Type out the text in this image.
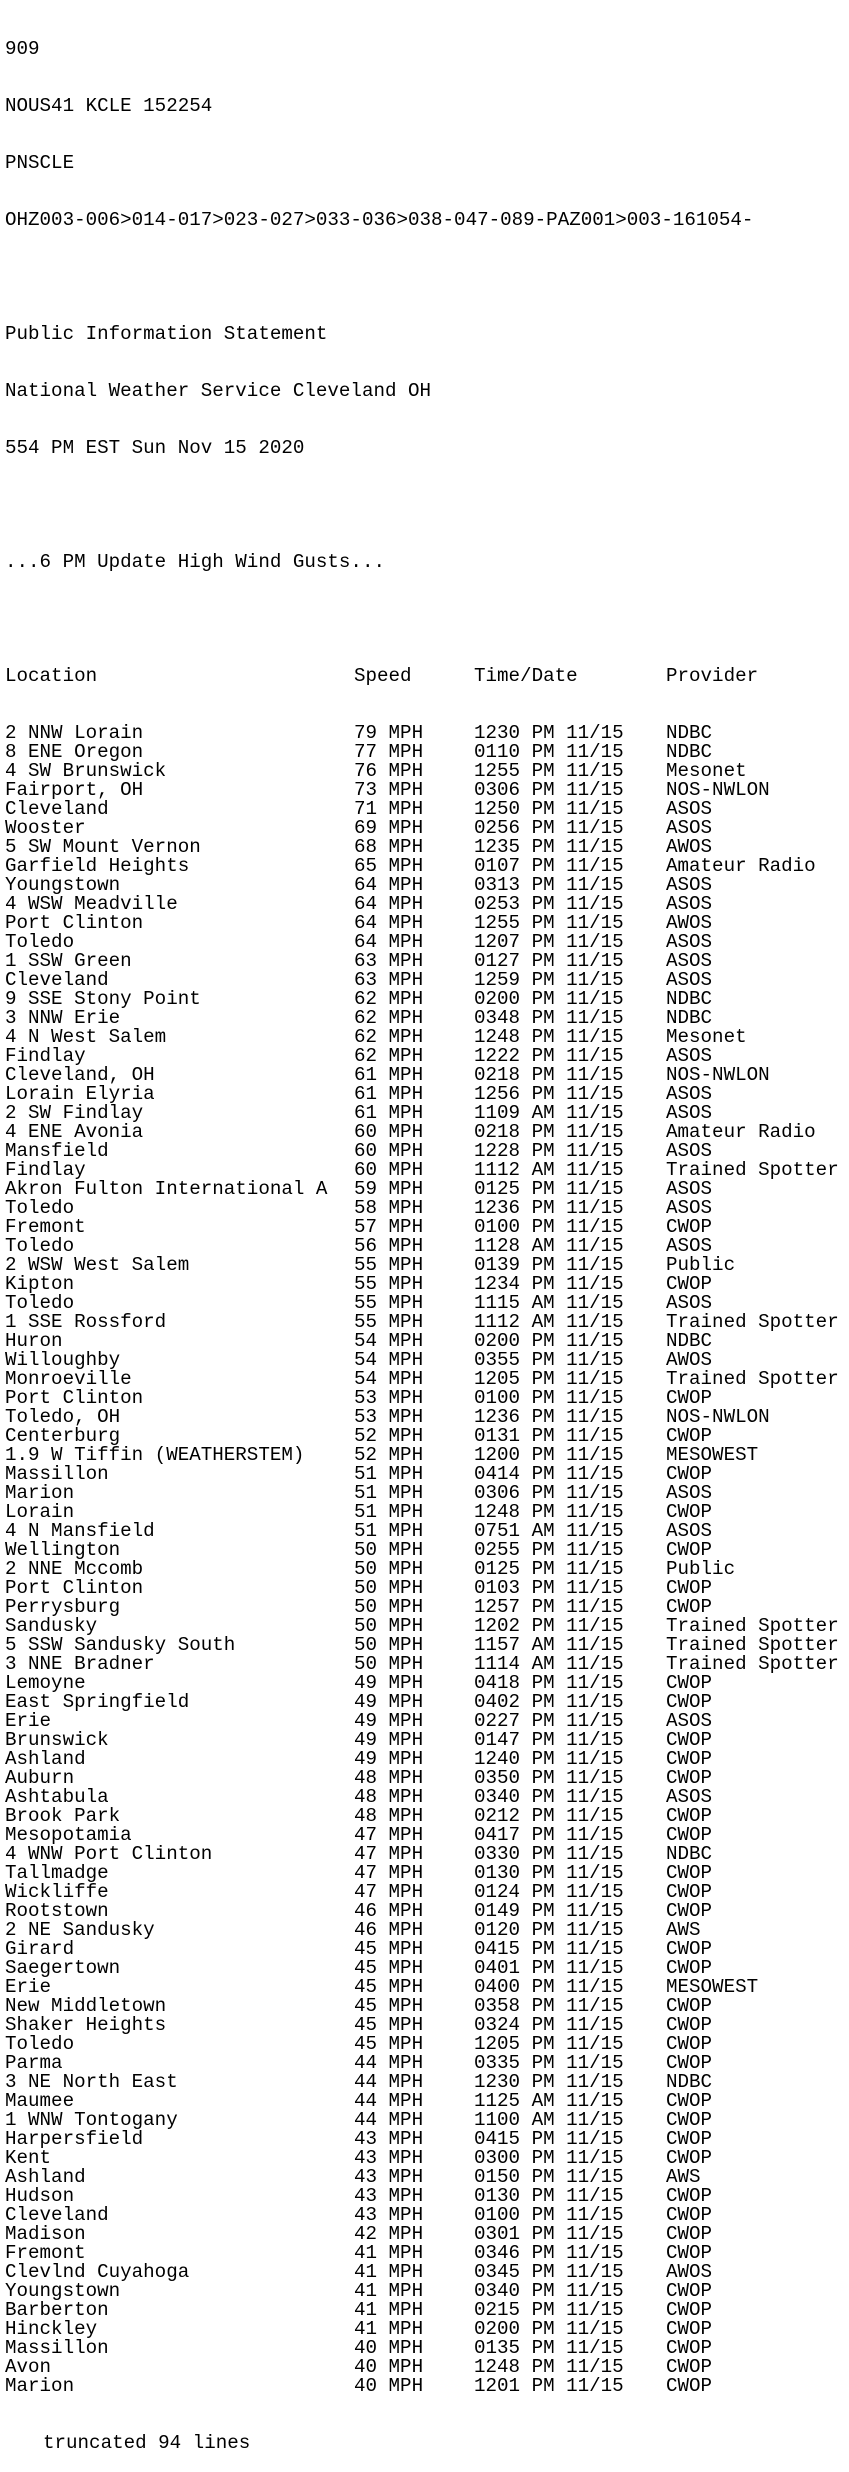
909

NOUS41 KCLE 152254

PNSCLE

OHZ003-006>014-017>023-027>033-036>038-047-089-PAZ001>003-161054-

Public Information Statement

National Weather Service Cleveland OH

554 PM EST Sun Nov 15 2020

...6 PM Update High Wind Gusts...

Location

	Speed

	Time/Date

	Provider

2 NNW Lorain	79 MPH	1230 PM 11/15 NDBC
8 ENE Oregon	77 MPH	0110 PM 11/15 NDBC
4 SW Brunswick	76 MPH	1255 PM 11/15 Mesonet
Fairport, OH	73 MPH	0306 PM 11/15 NOS-NWLON
Cleveland	71 MPH	1250 PM 11/15 ASOS
Wooster	69 MPH	0256 PM 11/15 ASOS
5 SW Mount Vernon	68 MPH	1235 PM 11/15 AWOS
Garfield Heights	65 MPH	0107 PM 11/15 Amateur Radio
Youngstown	64 MPH	0313 PM 11/15 ASOS
4 WSW Meadville	64 MPH	0253 PM 11/15 ASOS
Port Clinton	64 MPH	1255 PM 11/15 AWOS
Toledo	64 MPH	1207 PM 11/15 ASOS
1 SSW Green	63 MPH	0127 PM 11/15 ASOS
Cleveland	63 MPH	1259 PM 11/15 ASOS
9 SSE Stony Point	62 MPH	0200 PM 11/15 NDBC
3 NNW Erie	62 MPH	0348 PM 11/15 NDBC
4 N West Salem	62 MPH	1248 PM 11/15 Mesonet
Findlay	62 MPH	1222 PM 11/15 ASOS
Cleveland, OH	61 MPH	0218 PM 11/15 NOS-NWLON
Lorain Elyria	61 MPH	1256 PM 11/15 ASOS
2 SW Findlay	61 MPH	1109 AM 11/15 ASOS
4 ENE Avonia	60 MPH	0218 PM 11/15 Amateur Radio
Mansfield	60 MPH	1228 PM 11/15 ASOS
Findlay	60 MPH	1112 AM 11/15 Trained Spotter
Akron Fulton International A 59 MPH	0125 PM 11/15 ASOS
Toledo	58 MPH	1236 PM 11/15 ASOS
Fremont	57 MPH	0100 PM 11/15 CWOP
Toledo	56 MPH	1128 AM 11/15 ASOS
2 WSW West Salem	55 MPH	0139 PM 11/15 Public
Kipton	55 MPH	1234 PM 11/15 CWOP
Toledo	55 MPH	1115 AM 11/15 ASOS
1 SSE Rossford	55 MPH	1112 AM 11/15 Trained Spotter
Huron	54 MPH	0200 PM 11/15 NDBC
Willoughby	54 MPH	0355 PM 11/15 AWOS
Monroeville	54 MPH	1205 PM 11/15 Trained Spotter
Port Clinton	53 MPH	0100 PM 11/15 CWOP
Toledo, OH	53 MPH	1236 PM 11/15 NOS-NWLON
Centerburg	52 MPH	0131 PM 11/15 CWOP
1.9 W Tiffin (WEATHERSTEM)	52 MPH	1200 PM 11/15 MESOWEST
Massillon	51 MPH	0414 PM 11/15 CWOP
Marion	51 MPH	0306 PM 11/15 ASOS
Lorain	51 MPH	1248 PM 11/15 CWOP
4 N Mansfield	51 MPH	0751 AM 11/15 ASOS
Wellington	50 MPH	0255 PM 11/15 CWOP
2 NNE Mccomb	50 MPH	0125 PM 11/15 Public
Port Clinton	50 MPH	0103 PM 11/15 CWOP
Perrysburg	50 MPH	1257 PM 11/15 CWOP
Sandusky	50 MPH	1202 PM 11/15 Trained Spotter
5 SSW Sandusky South	50 MPH	1157 AM 11/15 Trained Spotter
3 NNE Bradner	50 MPH	1114 AM 11/15 Trained Spotter
Lemoyne	49 MPH	0418 PM 11/15 CWOP
East Springfield	49 MPH	0402 PM 11/15 CWOP
Erie	49 MPH	0227 PM 11/15 ASOS
Brunswick	49 MPH	0147 PM 11/15 CWOP
Ashland	49 MPH	1240 PM 11/15 CWOP
Auburn	48 MPH	0350 PM 11/15 CWOP
Ashtabula	48 MPH	0340 PM 11/15 ASOS
Brook Park	48 MPH	0212 PM 11/15 CWOP
Mesopotamia	47 MPH	0417 PM 11/15 CWOP
4 WNW Port Clinton	47 MPH	0330 PM 11/15 NDBC
Tallmadge	47 MPH	0130 PM 11/15 CWOP
Wickliffe	47 MPH	0124 PM 11/15 CWOP
Rootstown	46 MPH	0149 PM 11/15 CWOP
2 NE Sandusky	46 MPH	0120 PM 11/15 AWS
Girard	45 MPH	0415 PM 11/15 CWOP
Saegertown	45 MPH	0401 PM 11/15 CWOP
Erie	45 MPH	0400 PM 11/15 MESOWEST
New Middletown	45 MPH	0358 PM 11/15 CWOP
Shaker Heights	45 MPH	0324 PM 11/15 CWOP
Toledo	45 MPH	1205 PM 11/15 CWOP
Parma	44 MPH	0335 PM 11/15 CWOP
3 NE North East	44 MPH	1230 PM 11/15 NDBC
Maumee	44 MPH	1125 AM 11/15 CWOP
1 WNW Tontogany	44 MPH	1100 AM 11/15 CWOP
Harpersfield	43 MPH	0415 PM 11/15 CWOP
Kent	43 MPH	0300 PM 11/15 CWOP
Ashland	43 MPH	0150 PM 11/15 AWS
Hudson	43 MPH	0130 PM 11/15 CWOP
Cleveland	43 MPH	0100 PM 11/15 CWOP
Madison	42 MPH	0301 PM 11/15 CWOP
Fremont	41 MPH	0346 PM 11/15 CWOP
Clevlnd Cuyahoga	41 MPH	0345 PM 11/15 AWOS
Youngstown	41 MPH	0340 PM 11/15 CWOP
Barberton	41 MPH	0215 PM 11/15 CWOP
Hinckley	41 MPH	0200 PM 11/15 CWOP
Massillon	40 MPH	0135 PM 11/15 CWOP
Avon	40 MPH	1248 PM 11/15 CWOP
Marion	40 MPH	1201 PM 11/15 CWOP

truncated 94 lines
